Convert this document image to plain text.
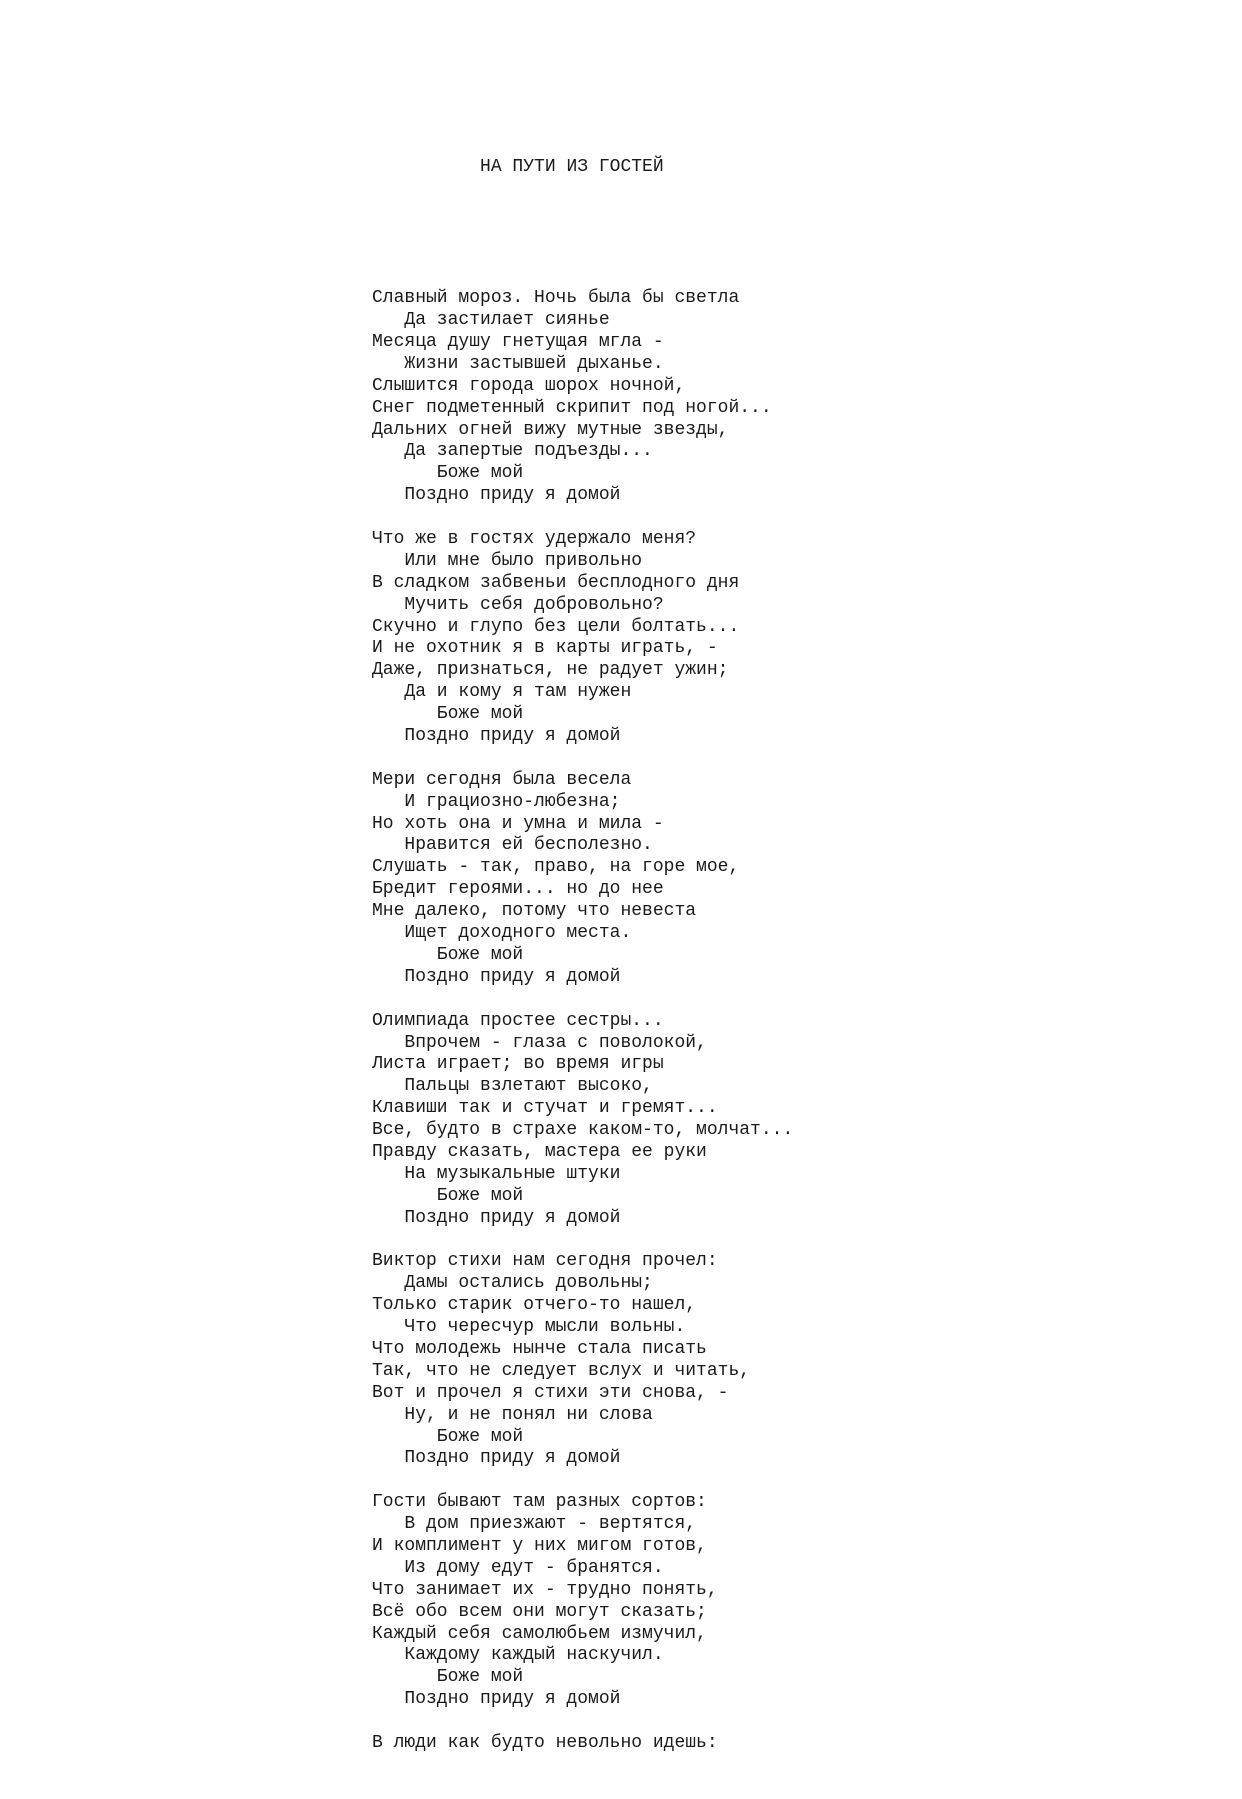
НА ПУТИ ИЗ ГОСТЕЙ

Славный мороз. Ночь была бы светла
Да застилает сиянье
Месяца душу гнетущая мгла -
Жизни застывшей дыханье.
Слышится города шорох ночной,
Снег подметенный скрипит под ногой...
Дальних огней вижу мутные звезды,
Да запертые подъезды...
Боже мой
Поздно приду я домой
Что же в гостях удержало меня?
Или мне было привольно
В сладком забвеньи бесплодного дня
Мучить себя добровольно?
Скучно и глупо без цели болтать...
И не охотник я в карты играть, -
Даже, признаться, не радует ужин;
Да и кому я там нужен
Боже мой
Поздно приду я домой
Мери сегодня была весела
И грациозно-любезна;
Но хоть она и умна и мила -
Нравится ей бесполезно.
Слушать - так, право, на горе мое,
Бредит героями... но до нее
Мне далеко, потому что невеста
Ищет доходного места.
Боже мой
Поздно приду я домой
Олимпиада простее сестры...
Впрочем - глаза с поволокой,
Листа играет; во время игры
Пальцы взлетают высоко,
Клавиши так и стучат и гремят...
Все, будто в страхе каком-то, молчат...
Правду сказать, мастера ее руки
На музыкальные штуки
Боже мой
Поздно приду я домой
Виктор стихи нам сегодня прочел:
Дамы остались довольны;
Только старик отчего-то нашел,
Что чересчур мысли вольны.
Что молодежь нынче стала писать
Так, что не следует вслух и читать,
Вот и прочел я стихи эти снова, -
Ну, и не понял ни слова
Боже мой
Поздно приду я домой
Гости бывают там разных сортов:
В дом приезжают - вертятся,
И комплимент у них мигом готов,
Из дому едут - бранятся.
Что занимает их - трудно понять,
Всё обо всем они могут сказать;
Каждый себя самолюбьем измучил,
Каждому каждый наскучил.
Боже мой
Поздно приду я домой
В люди как будто невольно идешь:
